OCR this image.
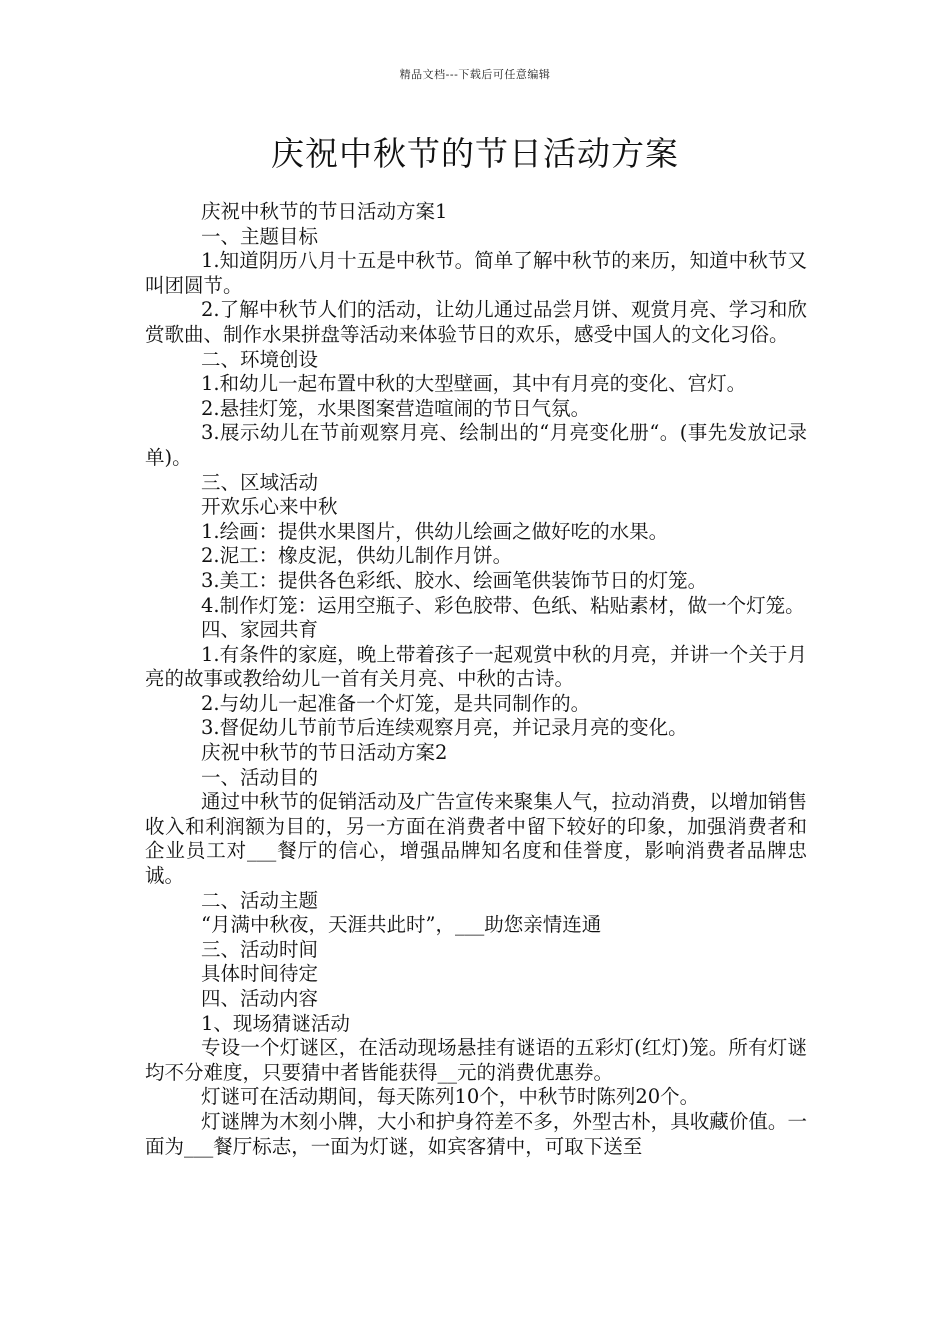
精品文档---下载后可任意编辑
庆祝中秋节的节日活动方案

庆祝中秋节的节日活动方案1

一、主题目标

1.知道阴历八月十五是中秋节。简单了解中秋节的来历，知道中秋节又叫团圆节。

2.了解中秋节人们的活动，让幼儿通过品尝月饼、观赏月亮、学习和欣赏歌曲、制作水果拼盘等活动来体验节日的欢乐，感受中国人的文化习俗。

二、环境创设

1.和幼儿一起布置中秋的大型壁画，其中有月亮的变化、宫灯。

2.悬挂灯笼，水果图案营造喧闹的节日气氛。

3.展示幼儿在节前观察月亮、绘制出的“月亮变化册“。(事先发放记录单)。

三、区域活动

开欢乐心来中秋

1.绘画：提供水果图片，供幼儿绘画之做好吃的水果。

2.泥工：橡皮泥，供幼儿制作月饼。

3.美工：提供各色彩纸、胶水、绘画笔供装饰节日的灯笼。

4.制作灯笼：运用空瓶子、彩色胶带、色纸、粘贴素材，做一个灯笼。

四、家园共育

1.有条件的家庭，晚上带着孩子一起观赏中秋的月亮，并讲一个关于月亮的故事或教给幼儿一首有关月亮、中秋的古诗。

2.与幼儿一起准备一个灯笼，是共同制作的。

3.督促幼儿节前节后连续观察月亮，并记录月亮的变化。

庆祝中秋节的节日活动方案2

一、活动目的

通过中秋节的促销活动及广告宣传来聚集人气，拉动消费，以增加销售收入和利润额为目的，另一方面在消费者中留下较好的印象，加强消费者和企业员工对___餐厅的信心，增强品牌知名度和佳誉度，影响消费者品牌忠诚。

二、活动主题

“月满中秋夜，天涯共此时”，___助您亲情连通

三、活动时间

具体时间待定

四、活动内容

1、现场猜谜活动

专设一个灯谜区，在活动现场悬挂有谜语的五彩灯(红灯)笼。所有灯谜均不分难度，只要猜中者皆能获得__元的消费优惠券。

灯谜可在活动期间，每天陈列10个，中秋节时陈列20个。

灯谜牌为木刻小牌，大小和护身符差不多，外型古朴，具收藏价值。一面为___餐厅标志，一面为灯谜，如宾客猜中，可取下送至
